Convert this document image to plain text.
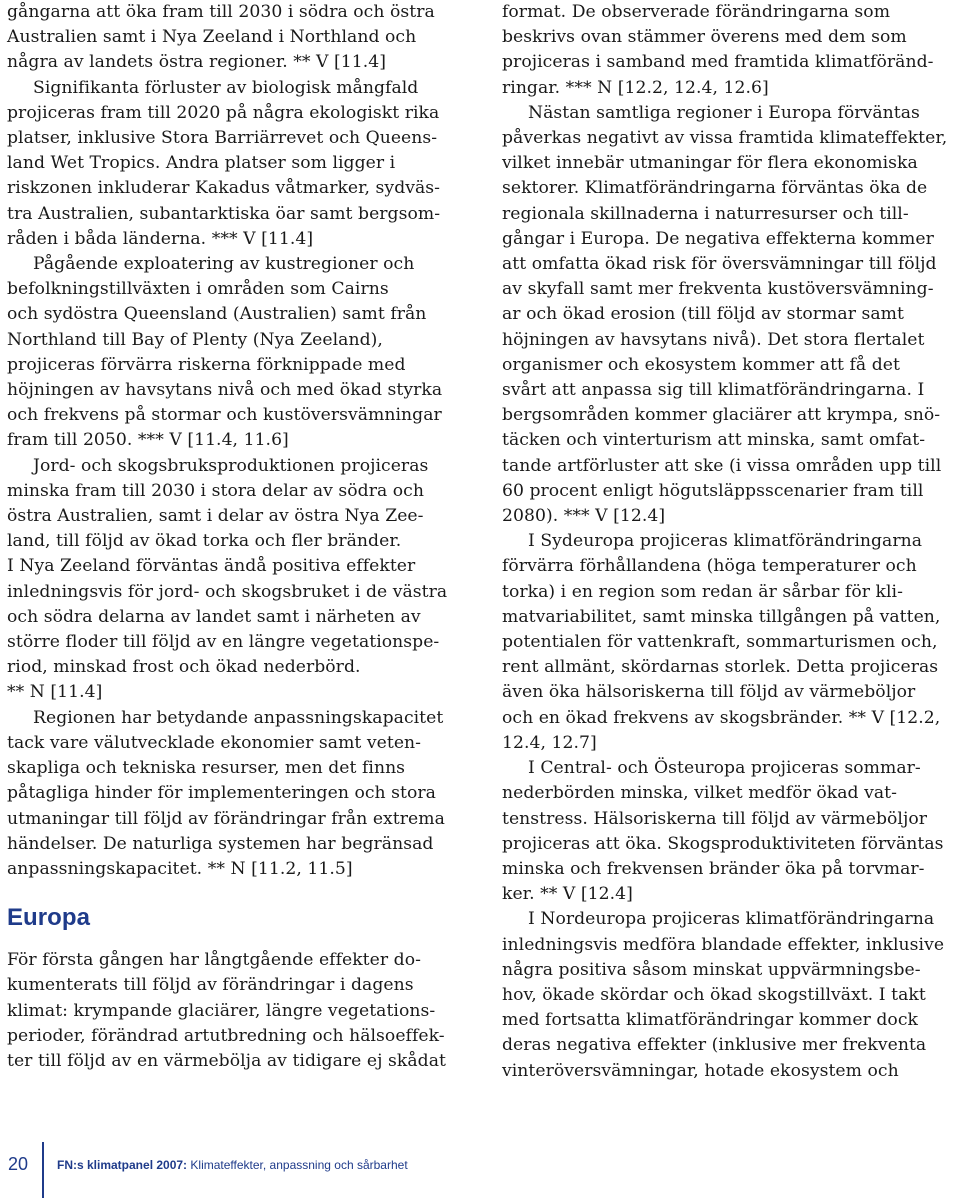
gångarna att öka fram till 2030 i södra och östra
Australien samt i Nya Zeeland i Northland och
några av landets östra regioner. ** V [11.4]

Signifikanta förluster av biologisk mångfald
projiceras fram till 2020 på några ekologiskt rika
platser, inklusive Stora Barriärrevet och Queens-
land Wet Tropics. Andra platser som ligger i
riskzonen inkluderar Kakadus våtmarker, sydväs-
tra Australien, subantarktiska öar samt bergsom-
råden i båda länderna. *** V [11.4]

Pågående exploatering av kustregioner och
befolkningstillväxten i områden som Cairns
och sydöstra Queensland (Australien) samt från
Northland till Bay of Plenty (Nya Zeeland),
projiceras förvärra riskerna förknippade med
höjningen av havsytans nivå och med ökad styrka
och frekvens på stormar och kustöversvämningar
fram till 2050. *** V [11.4, 11.6]

Jord- och skogsbruksproduktionen projiceras
minska fram till 2030 i stora delar av södra och
östra Australien, samt i delar av östra Nya Zee-
land, till följd av ökad torka och fler bränder.

I Nya Zeeland förväntas ändå positiva effekter
inledningsvis för jord- och skogsbruket i de västra
och södra delarna av landet samt i närheten av
större floder till följd av en längre vegetationspe-
riod, minskad frost och ökad nederbörd.
** N [11.4]

Regionen har betydande anpassningskapacitet
tack vare välutvecklade ekonomier samt veten-
skapliga och tekniska resurser, men det finns
påtagliga hinder för implementeringen och stora
utmaningar till följd av förändringar från extrema
händelser. De naturliga systemen har begränsad
anpassningskapacitet. ** N [11.2, 11.5]

Europa

För första gången har långtgående effekter do-
kumenterats till följd av förändringar i dagens
klimat: krympande glaciärer, längre vegetations-
perioder, förändrad artutbredning och hälsoeffek-
ter till följd av en värmebölja av tidigare ej skådat

format. De observerade förändringarna som
beskrivs ovan stämmer överens med dem som
projiceras i samband med framtida klimatföränd-
ringar. *** N [12.2, 12.4, 12.6]

Nästan samtliga regioner i Europa förväntas
påverkas negativt av vissa framtida klimateffekter,
vilket innebär utmaningar för flera ekonomiska
sektorer. Klimatförändringarna förväntas öka de
regionala skillnaderna i naturresurser och till-
gångar i Europa. De negativa effekterna kommer
att omfatta ökad risk för översvämningar till följd
av skyfall samt mer frekventa kustöversvämning-
ar och ökad erosion (till följd av stormar samt
höjningen av havsytans nivå). Det stora flertalet
organismer och ekosystem kommer att få det
svårt att anpassa sig till klimatförändringarna. I
bergsområden kommer glaciärer att krympa, snö-
täcken och vinterturism att minska, samt omfat-
tande artförluster att ske (i vissa områden upp till
60 procent enligt högutsläppsscenarier fram till
2080). *** V [12.4]

I Sydeuropa projiceras klimatförändringarna
förvärra förhållandena (höga temperaturer och
torka) i en region som redan är sårbar för kli-
matvariabilitet, samt minska tillgången på vatten,
potentialen för vattenkraft, sommarturismen och,
rent allmänt, skördarnas storlek. Detta projiceras
även öka hälsoriskerna till följd av värmeböljor
och en ökad frekvens av skogsbränder. ** V [12.2,
12.4, 12.7]

I Central- och Östeuropa projiceras sommar-
nederbörden minska, vilket medför ökad vat-
tenstress. Hälsoriskerna till följd av värmeböljor
projiceras att öka. Skogsproduktiviteten förväntas
minska och frekvensen bränder öka på torvmar-
ker. ** V [12.4]

I Nordeuropa projiceras klimatförändringarna
inledningsvis medföra blandade effekter, inklusive
några positiva såsom minskat uppvärmningsbe-
hov, ökade skördar och ökad skogstillväxt. I takt
med fortsatta klimatförändringar kommer dock
deras negativa effekter (inklusive mer frekventa
vinteröversvämningar, hotade ekosystem och

20 FN:s klimatpanel 2007: Klimateffekter, anpassning och sårbarhet
